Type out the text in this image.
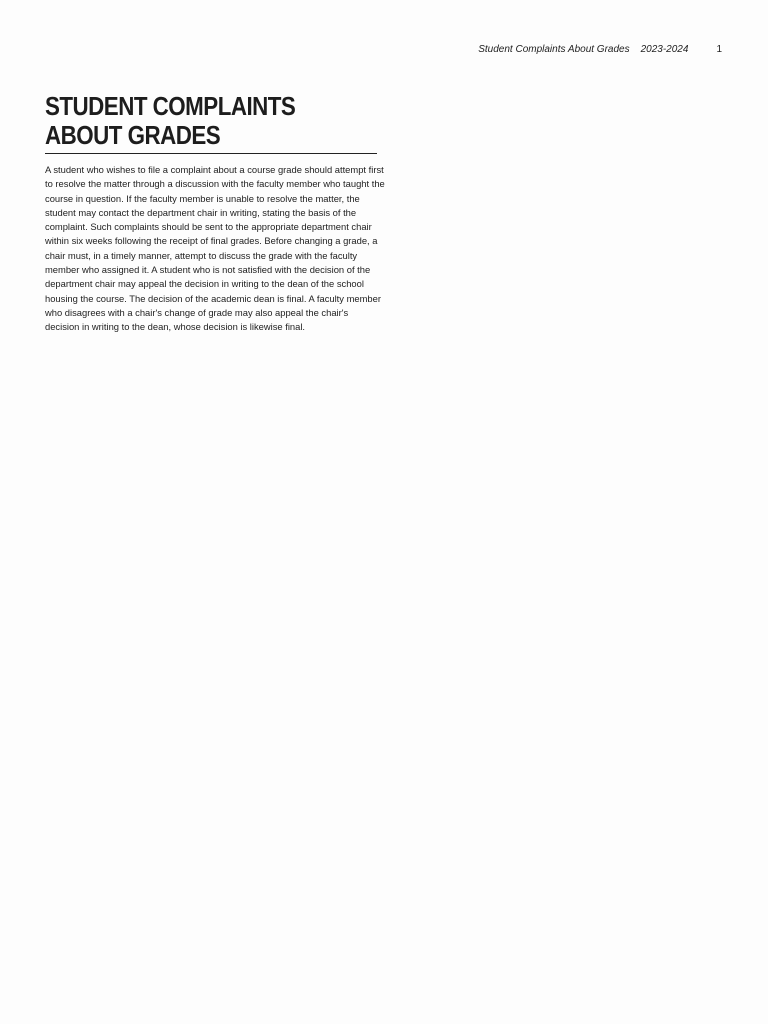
Student Complaints About Grades 2023-2024	1
STUDENT COMPLAINTS
ABOUT GRADES

A student who wishes to file a complaint about a course grade should attempt first to resolve the matter through a discussion with the faculty member who taught the course in question. If the faculty member is unable to resolve the matter, the student may contact the department chair in writing, stating the basis of the complaint. Such complaints should be sent to the appropriate department chair within six weeks following the receipt of final grades. Before changing a grade, a chair must, in a timely manner, attempt to discuss the grade with the faculty member who assigned it. A student who is not satisfied with the decision of the department chair may appeal the decision in writing to the dean of the school housing the course. The decision of the academic dean is final. A faculty member who disagrees with a chair's change of grade may also appeal the chair's decision in writing to the dean, whose decision is likewise final.
